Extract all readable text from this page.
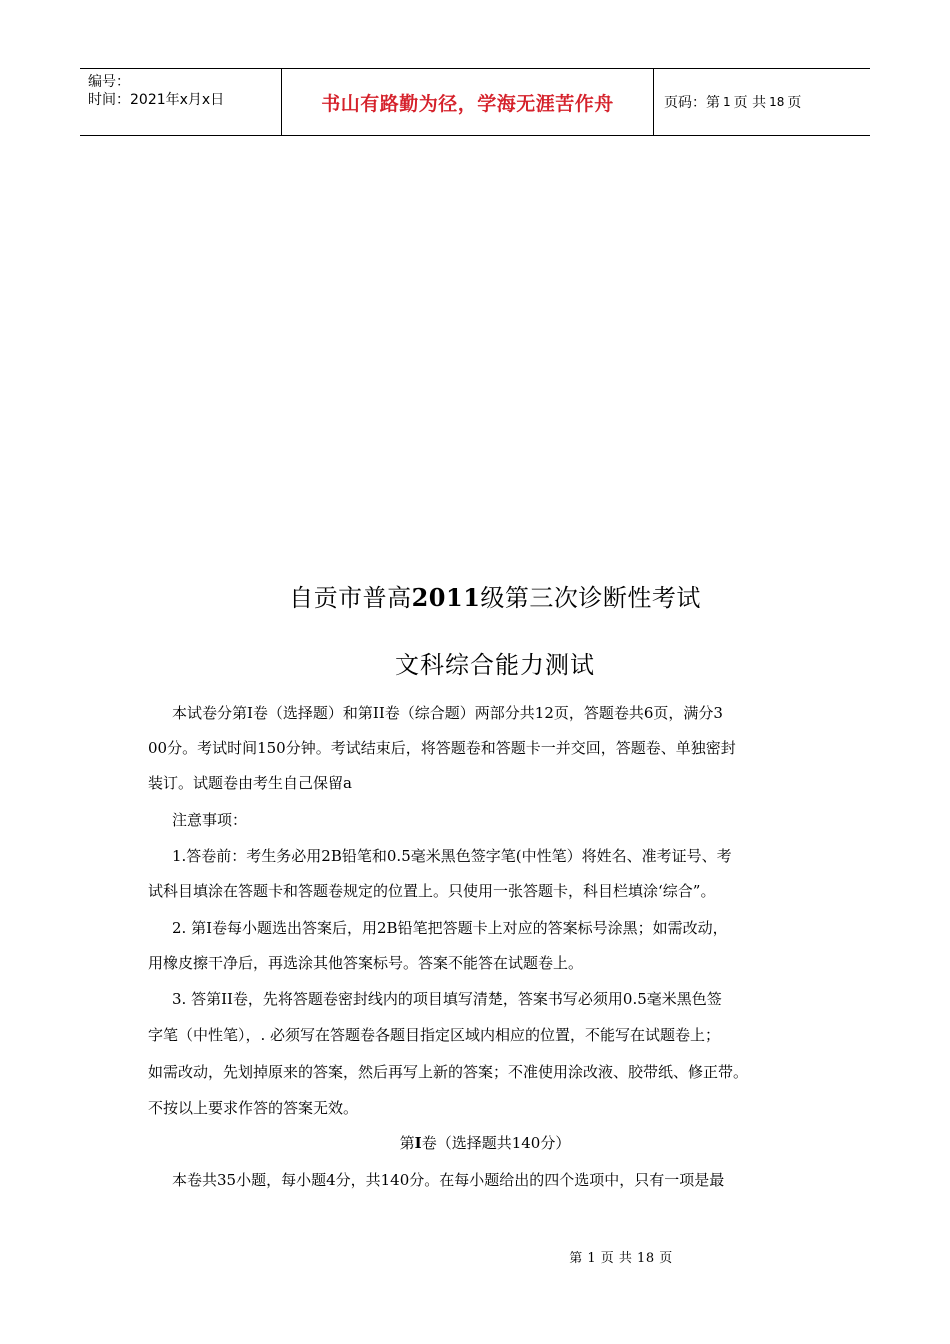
编号：
时间：2021年x月x日	书山有路勤为径，学海无涯苦作舟	页码：第 1 页 共 18 页
自贡市普高2011级第三次诊断性考试
文科综合能力测试
本试卷分第I卷（选择题）和第II卷（综合题）两部分共12页，答题卷共6页，满分3
00分。考试时间150分钟。考试结束后，将答题卷和答题卡一并交回，答题卷、单独密封
装订。试题卷由考生自己保留a
注意事项：
1.答卷前：考生务必用2B铅笔和0.5毫米黑色签字笔(中性笔）将姓名、准考证号、考
试科目填涂在答题卡和答题卷规定的位置上。只使用一张答题卡，科目栏填涂‘综合”。
2. 第I卷每小题选出答案后，用2B铅笔把答题卡上对应的答案标号涂黑；如需改动，
用橡皮擦干净后，再选涂其他答案标号。答案不能答在试题卷上。
3. 答第II卷，先将答题卷密封线内的项目填写清楚，答案书写必须用0.5毫米黑色签
字笔（中性笔），. 必须写在答题卷各题目指定区域内相应的位置，不能写在试题卷上；
如需改动，先划掉原来的答案，然后再写上新的答案；不准使用涂改液、胶带纸、修正带。
不按以上要求作答的答案无效。
第I卷（选择题共140分）
本卷共35小题，每小题4分，共140分。在每小题给出的四个选项中，只有一项是最
第 1 页 共 18 页
